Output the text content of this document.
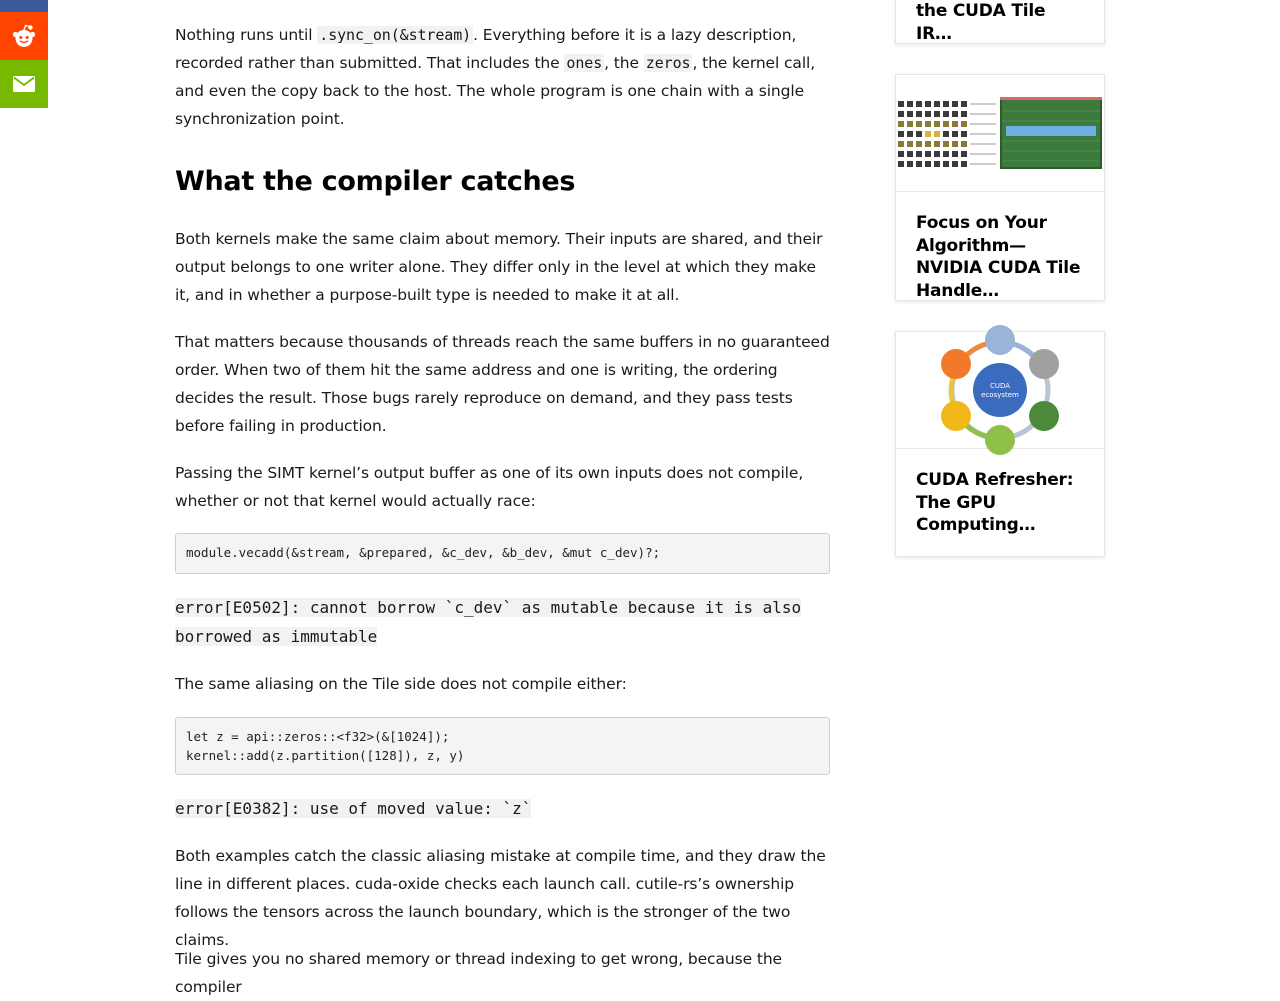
Nothing runs until .sync_on(&stream) . Everything before it is a lazy description, recorded rather than submitted. That includes the ones , the zeros , the kernel call, and even the copy back to the host. The whole program is one chain with a single synchronization point.

What the compiler catches

Both kernels make the same claim about memory. Their inputs are shared, and their output belongs to one writer alone. They differ only in the level at which they make it, and in whether a purpose-built type is needed to make it at all.

That matters because thousands of threads reach the same buffers in no guaranteed order. When two of them hit the same address and one is writing, the ordering decides the result. Those bugs rarely reproduce on demand, and they pass tests before failing in production.

Passing the SIMT kernel’s output buffer as one of its own inputs does not compile, whether or not that kernel would actually race:

module.vecadd(&stream, &prepared, &c_dev, &b_dev, &mut c_dev)?;
error[E0502]: cannot borrow `c_dev` as mutable because it is also borrowed as immutable

The same aliasing on the Tile side does not compile either:

let z = api::zeros::<f32>(&[1024]);
kernel::add(z.partition([128]), z, y)
error[E0382]: use of moved value: `z`

Both examples catch the classic aliasing mistake at compile time, and they draw the line in different places. cuda-oxide checks each launch call. cutile-rs’s ownership follows the tensors across the launch boundary, which is the stronger of the two claims.

Tile gives you no shared memory or thread indexing to get wrong, because the compiler

the CUDA Tile IR…
Focus on Your Algorithm—NVIDIA CUDA Tile Handle…
CUDA
ecosystem
CUDA Refresher: The GPU Computing…
